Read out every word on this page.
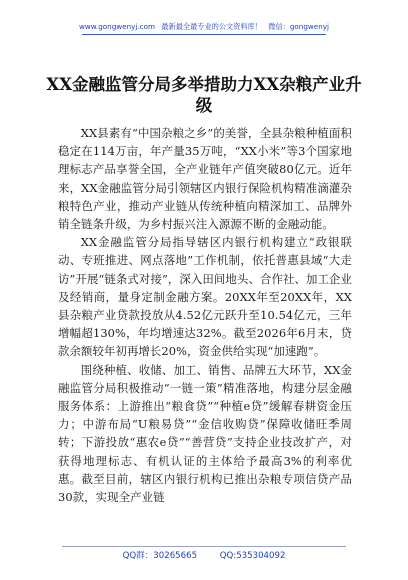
www.gongwenyj.com 最新最全最专业的公文资料库！ 微信：gongwenyj
XX金融监管分局多举措助力XX杂粮产业升级

XX县素有“中国杂粮之乡”的美誉，全县杂粮种植面积稳定在114万亩，年产量35万吨，“XX小米”等3个国家地理标志产品享誉全国，全产业链年产值突破80亿元。近年来，XX金融监管分局引领辖区内银行保险机构精准滴灌杂粮特色产业，推动产业链从传统种植向精深加工、品牌外销全链条升级，为乡村振兴注入源源不断的金融动能。

XX金融监管分局指导辖区内银行机构建立“政银联动、专班推进、网点落地”工作机制，依托普惠县域“大走访”开展“链条式对接”，深入田间地头、合作社、加工企业及经销商，量身定制金融方案。20XX年至20XX年，XX县杂粮产业贷款投放从4.52亿元跃升至10.54亿元，三年增幅超130%，年均增速达32%。截至2026年6月末，贷款余额较年初再增长20%，资金供给实现“加速跑”。

围绕种植、收储、加工、销售、品牌五大环节，XX金融监管分局积极推动“一链一策”精准落地，构建分层金融服务体系：上游推出“粮食贷”“种植e贷”缓解春耕资金压力；中游布局“U粮易贷”“金信收购贷”保障收储旺季周转；下游投放“惠农e贷”“善营贷”支持企业技改扩产，对获得地理标志、有机认证的主体给予最高3%的利率优惠。截至目前，辖区内银行机构已推出杂粮专项信贷产品30款，实现全产业链

QQ群：30265665	QQ:535304092
